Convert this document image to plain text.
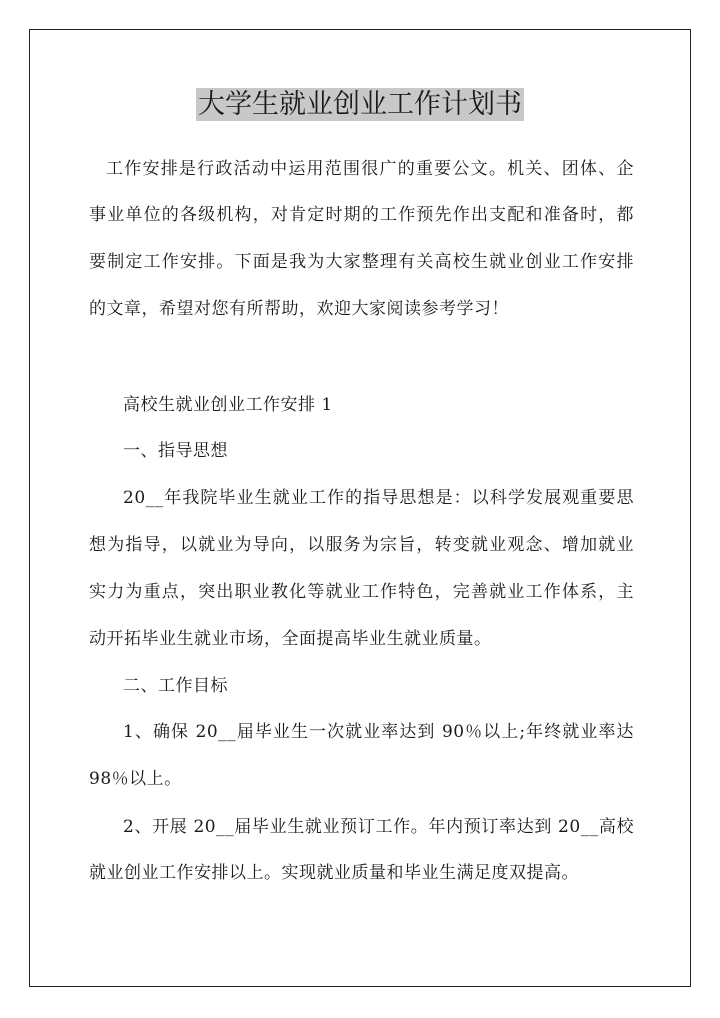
大学生就业创业工作计划书
工作安排是行政活动中运用范围很广的重要公文。机关、团体、企
事业单位的各级机构，对肯定时期的工作预先作出支配和准备时，都
要制定工作安排。下面是我为大家整理有关高校生就业创业工作安排
的文章，希望对您有所帮助，欢迎大家阅读参考学习！
高校生就业创业工作安排 1
一、指导思想
20__年我院毕业生就业工作的指导思想是：以科学发展观重要思
想为指导，以就业为导向，以服务为宗旨，转变就业观念、增加就业
实力为重点，突出职业教化等就业工作特色，完善就业工作体系，主
动开拓毕业生就业市场，全面提高毕业生就业质量。
二、工作目标
1、确保 20__届毕业生一次就业率达到 90％以上;年终就业率达
98％以上。
2、开展 20__届毕业生就业预订工作。年内预订率达到 20__高校
就业创业工作安排以上。实现就业质量和毕业生满足度双提高。
